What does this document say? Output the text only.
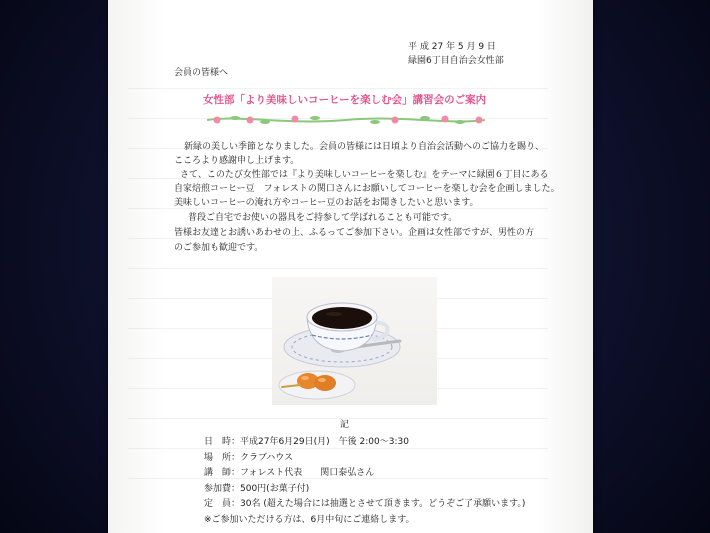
平 成 27 年 5 月 9 日
緑園6丁目自治会女性部
会員の皆様へ
女性部「より美味しいコーヒーを楽しむ会」講習会のご案内
新緑の美しい季節となりました。会員の皆様には日頃より自治会活動へのご協力を賜り、
こころより感謝申し上げます。
さて、このたび女性部では『より美味しいコーヒーを楽しむ』をテーマに緑園６丁目にある
自家焙煎コーヒー豆　フォレストの関口さんにお願いしてコーヒーを楽しむ会を企画しました。
美味しいコーヒーの淹れ方やコーヒー豆のお話をお聞きしたいと思います。
普段ご自宅でお使いの器具をご持参して学ばれることも可能です。
皆様お友達とお誘いあわせの上、ふるってご参加下さい。企画は女性部ですが、男性の方
のご参加も歓迎です。
記
日　時：平成27年6月29日(月)　午後 2:00～3:30
場　所：クラブハウス
講　師：フォレスト代表　　関口泰弘さん
参加費：500円(お菓子付)
定　員：30名 (超えた場合には抽選とさせて頂きます。どうぞご了承願います。)
※ご参加いただける方は、6月中旬にご連絡します。
